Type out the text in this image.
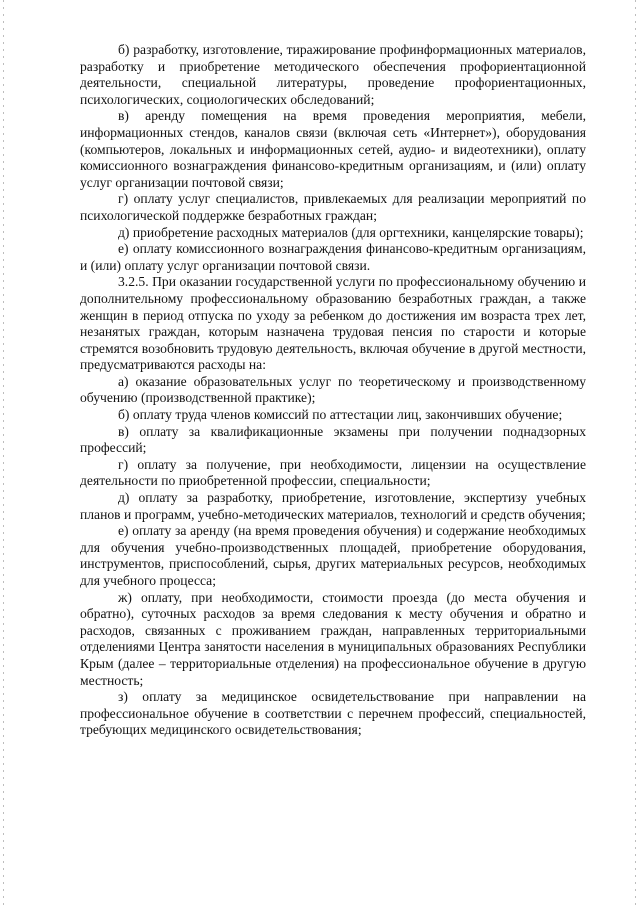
б) разработку, изготовление, тиражирование профинформационных материалов, разработку и приобретение методического обеспечения профориентационной деятельности, специальной литературы, проведение профориентационных, психологических, социологических обследований;

в) аренду помещения на время проведения мероприятия, мебели, информационных стендов, каналов связи (включая сеть «Интернет»), оборудования (компьютеров, локальных и информационных сетей, аудио- и видеотехники), оплату комиссионного вознаграждения финансово-кредитным организациям, и (или) оплату услуг организации почтовой связи;

г) оплату услуг специалистов, привлекаемых для реализации мероприятий по психологической поддержке безработных граждан;

д) приобретение расходных материалов (для оргтехники, канцелярские товары);

е) оплату комиссионного вознаграждения финансово-кредитным организациям, и (или) оплату услуг организации почтовой связи.

3.2.5. При оказании государственной услуги по профессиональному обучению и дополнительному профессиональному образованию безработных граждан, а также женщин в период отпуска по уходу за ребенком до достижения им возраста трех лет, незанятых граждан, которым назначена трудовая пенсия по старости и которые стремятся возобновить трудовую деятельность, включая обучение в другой местности, предусматриваются расходы на:

а) оказание образовательных услуг по теоретическому и производственному обучению (производственной практике);

б) оплату труда членов комиссий по аттестации лиц, закончивших обучение;

в) оплату за квалификационные экзамены при получении поднадзорных профессий;

г) оплату за получение, при необходимости, лицензии на осуществление деятельности по приобретенной профессии, специальности;

д) оплату за разработку, приобретение, изготовление, экспертизу учебных планов и программ, учебно-методических материалов, технологий и средств обучения;

е) оплату за аренду (на время проведения обучения) и содержание необходимых для обучения учебно-производственных площадей, приобретение оборудования, инструментов, приспособлений, сырья, других материальных ресурсов, необходимых для учебного процесса;

ж) оплату, при необходимости, стоимости проезда (до места обучения и обратно), суточных расходов за время следования к месту обучения и обратно и расходов, связанных с проживанием граждан, направленных территориальными отделениями Центра занятости населения в муниципальных образованиях Республики Крым (далее – территориальные отделения) на профессиональное обучение в другую местность;

з) оплату за медицинское освидетельствование при направлении на профессиональное обучение в соответствии с перечнем профессий, специальностей, требующих медицинского освидетельствования;
